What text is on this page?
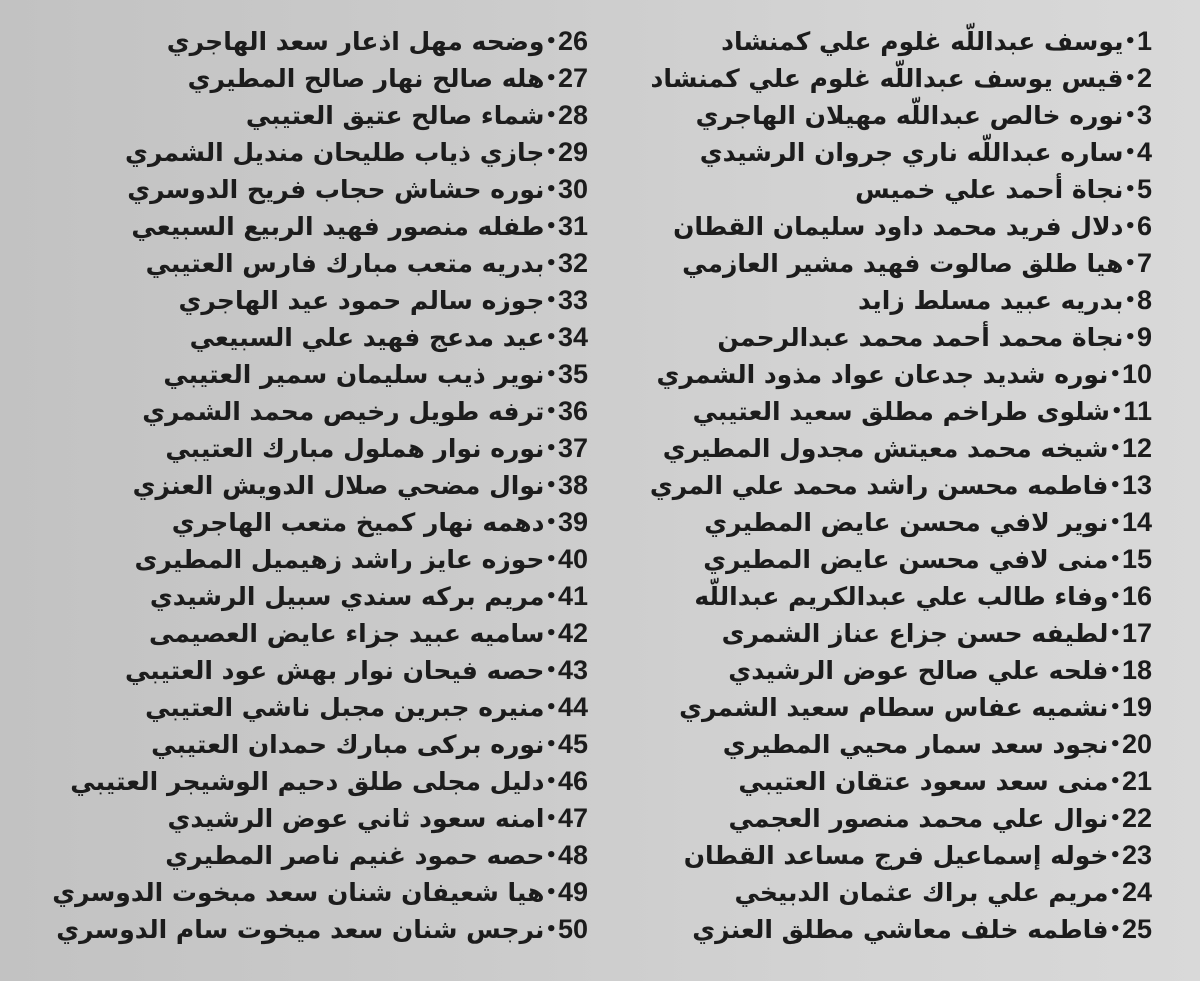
1
•
يوسف عبداللّه غلوم علي كمنشاد
2
•
قيس يوسف عبداللّه غلوم علي كمنشاد
3
•
نوره خالص عبداللّه مهيلان الهاجري
4
•
ساره عبداللّه ناري جروان الرشيدي
5
•
نجاة أحمد علي خميس
6
•
دلال فريد محمد داود سليمان القطان
7
•
هيا طلق صالوت فهيد مشير العازمي
8
•
بدريه عبيد مسلط زايد
9
•
نجاة محمد أحمد محمد عبدالرحمن
10
•
نوره شديد جدعان عواد مذود الشمري
11
•
شلوى طراخم مطلق سعيد العتيبي
12
•
شيخه محمد معيتش مجدول المطيري
13
•
فاطمه محسن راشد محمد علي المري
14
•
نوير لافي محسن عايض المطيري
15
•
منى لافي محسن عايض المطيري
16
•
وفاء طالب علي عبدالكريم عبداللّه
17
•
لطيفه حسن جزاع عناز الشمرى
18
•
فلحه علي صالح عوض الرشيدي
19
•
نشميه عفاس سطام سعيد الشمري
20
•
نجود سعد سمار محيي المطيري
21
•
منى سعد سعود عتقان العتيبي
22
•
نوال علي محمد منصور العجمي
23
•
خوله إسماعيل فرج مساعد القطان
24
•
مريم علي براك عثمان الدبيخي
25
•
فاطمه خلف معاشي مطلق العنزي
26
•
وضحه مهل اذعار سعد الهاجري
27
•
هله صالح نهار صالح المطيري
28
•
شماء صالح عتيق العتيبي
29
•
جازي ذياب طليحان منديل الشمري
30
•
نوره حشاش حجاب فريح الدوسري
31
•
طفله منصور فهيد الربيع السبيعي
32
•
بدريه متعب مبارك فارس العتيبي
33
•
جوزه سالم حمود عيد الهاجري
34
•
عيد مدعج فهيد علي السبيعي
35
•
نوير ذيب سليمان سمير العتيبي
36
•
ترفه طويل رخيص محمد الشمري
37
•
نوره نوار هملول مبارك العتيبي
38
•
نوال مضحي صلال الدويش العنزي
39
•
دهمه نهار كميخ متعب الهاجري
40
•
حوزه عايز راشد زهيميل المطيرى
41
•
مريم بركه سندي سبيل الرشيدي
42
•
ساميه عبيد جزاء عايض العصيمى
43
•
حصه فيحان نوار بهش عود العتيبي
44
•
منيره جبرين مجبل ناشي العتيبي
45
•
نوره بركى مبارك حمدان العتيبي
46
•
دليل مجلى طلق دحيم الوشيجر العتيبي
47
•
امنه سعود ثاني عوض الرشيدي
48
•
حصه حمود غنيم ناصر المطيري
49
•
هيا شعيفان شنان سعد مبخوت الدوسري
50
•
نرجس شنان سعد ميخوت سام الدوسري
